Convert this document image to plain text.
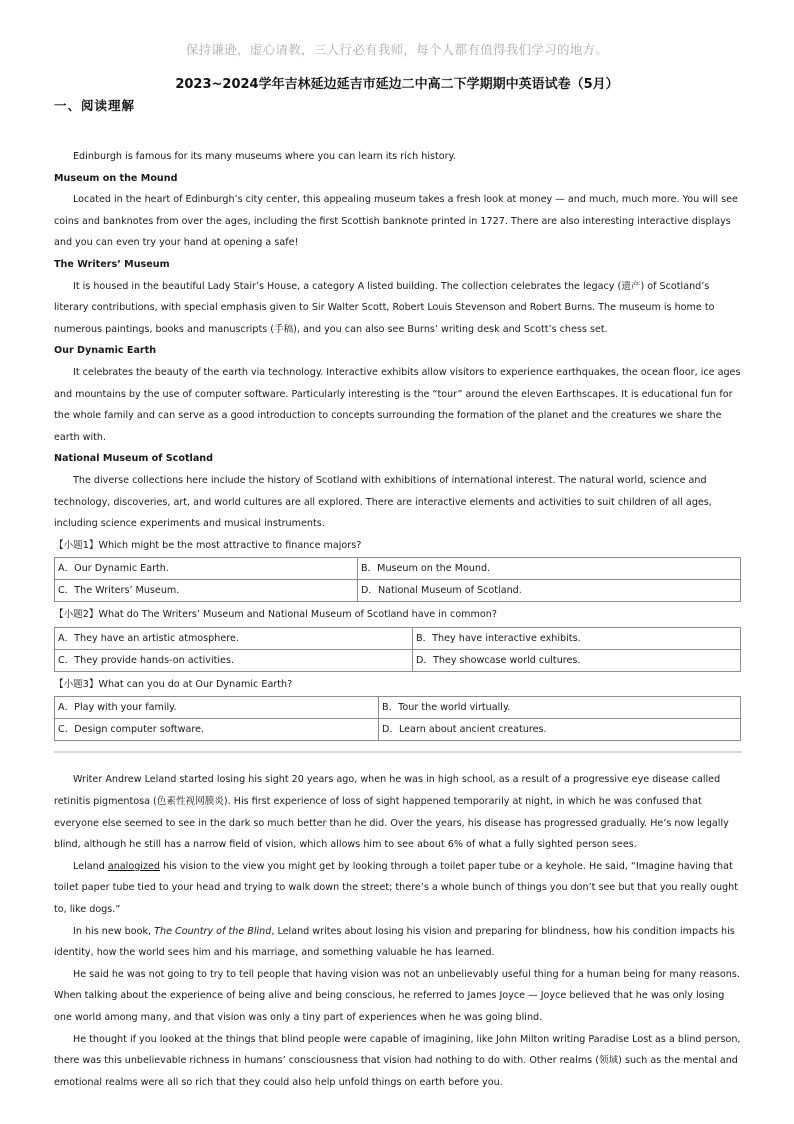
保持谦逊，虚心请教，三人行必有我师，每个人都有值得我们学习的地方。
2023~2024学年吉林延边延吉市延边二中高二下学期期中英语试卷（5月）
一、阅读理解

Edinburgh is famous for its many museums where you can learn its rich history.

Museum on the Mound

Located in the heart of Edinburgh’s city center, this appealing museum takes a fresh look at money — and much, much more. You will see coins and banknotes from over the ages, including the first Scottish banknote printed in 1727. There are also interesting interactive displays and you can even try your hand at opening a safe!

The Writers’ Museum

It is housed in the beautiful Lady Stair’s House, a category A listed building. The collection celebrates the legacy (遗产) of Scotland’s literary contributions, with special emphasis given to Sir Walter Scott, Robert Louis Stevenson and Robert Burns. The museum is home to numerous paintings, books and manuscripts (手稿), and you can also see Burns’ writing desk and Scott’s chess set.

Our Dynamic Earth

It celebrates the beauty of the earth via technology. Interactive exhibits allow visitors to experience earthquakes, the ocean floor, ice ages and mountains by the use of computer software. Particularly interesting is the “tour” around the eleven Earthscapes. It is educational fun for the whole family and can serve as a good introduction to concepts surrounding the formation of the planet and the creatures we share the earth with.

National Museum of Scotland

The diverse collections here include the history of Scotland with exhibitions of international interest. The natural world, science and technology, discoveries, art, and world cultures are all explored. There are interactive elements and activities to suit children of all ages, including science experiments and musical instruments.

【小题1】Which might be the most attractive to finance majors?

A．Our Dynamic Earth.	B．Museum on the Mound.
C．The Writers’ Museum.	D．National Museum of Scotland.

【小题2】What do The Writers’ Museum and National Museum of Scotland have in common?

A．They have an artistic atmosphere.	B．They have interactive exhibits.
C．They provide hands-on activities.	D．They showcase world cultures.

【小题3】What can you do at Our Dynamic Earth?

A．Play with your family.	B．Tour the world virtually.
C．Design computer software.	D．Learn about ancient creatures.

Writer Andrew Leland started losing his sight 20 years ago, when he was in high school, as a result of a progressive eye disease called retinitis pigmentosa (色素性视网膜炎). His first experience of loss of sight happened temporarily at night, in which he was confused that everyone else seemed to see in the dark so much better than he did. Over the years, his disease has progressed gradually. He’s now legally blind, although he still has a narrow field of vision, which allows him to see about 6% of what a fully sighted person sees.

Leland analogized his vision to the view you might get by looking through a toilet paper tube or a keyhole. He said, “Imagine having that toilet paper tube tied to your head and trying to walk down the street; there’s a whole bunch of things you don’t see but that you really ought to, like dogs.”

In his new book, The Country of the Blind, Leland writes about losing his vision and preparing for blindness, how his condition impacts his identity, how the world sees him and his marriage, and something valuable he has learned.

He said he was not going to try to tell people that having vision was not an unbelievably useful thing for a human being for many reasons. When talking about the experience of being alive and being conscious, he referred to James Joyce — Joyce believed that he was only losing one world among many, and that vision was only a tiny part of experiences when he was going blind.

He thought if you looked at the things that blind people were capable of imagining, like John Milton writing Paradise Lost as a blind person, there was this unbelievable richness in humans’ consciousness that vision had nothing to do with. Other realms (领域) such as the mental and emotional realms were all so rich that they could also help unfold things on earth before you.
